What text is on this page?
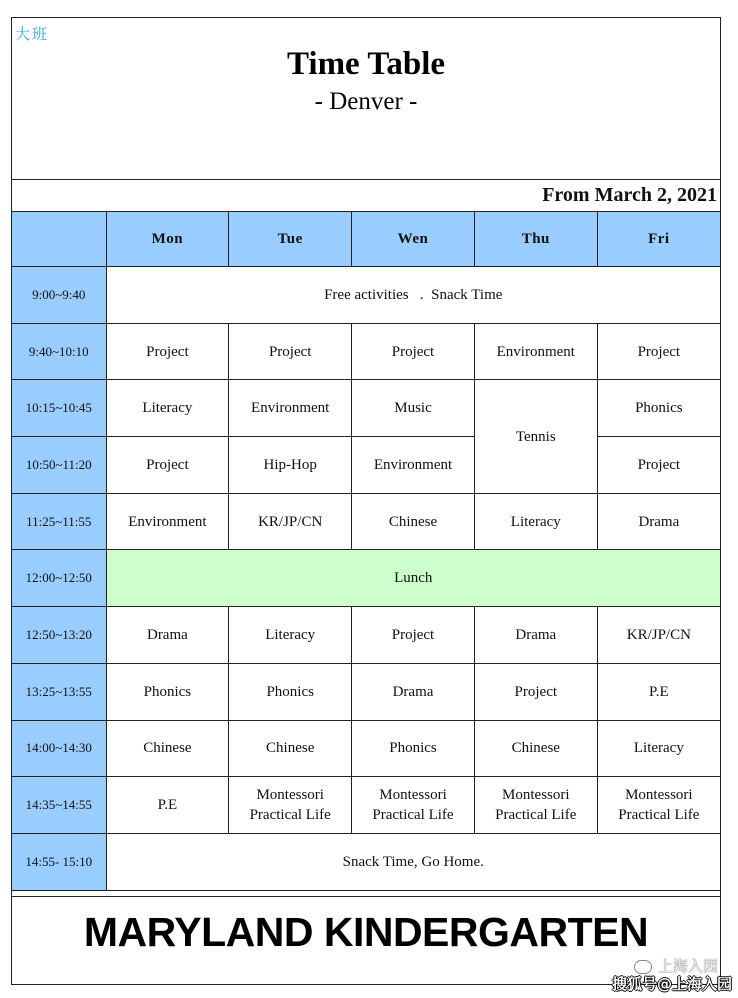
大班
Time Table
- Denver -
From March 2, 2021
	Mon	Tue	Wen	Thu	Fri
9:00~9:40	Free activities   .  Snack Time				
9:40~10:10	Project	Project	Project	Environment	Project
10:15~10:45	Literacy	Environment	Music	Tennis	Phonics
10:50~11:20	Project	Hip-Hop	Environment		Project
11:25~11:55	Environment	KR/JP/CN	Chinese	Literacy	Drama
12:00~12:50	Lunch				
12:50~13:20	Drama	Literacy	Project	Drama	KR/JP/CN
13:25~13:55	Phonics	Phonics	Drama	Project	P.E
14:00~14:30	Chinese	Chinese	Phonics	Chinese	Literacy
14:35~14:55	P.E	Montessori Practical Life	Montessori Practical Life	Montessori Practical Life	Montessori Practical Life
14:55- 15:10	Snack Time, Go Home.				
MARYLAND KINDERGARTEN
上海入园
搜狐号@上海入园
